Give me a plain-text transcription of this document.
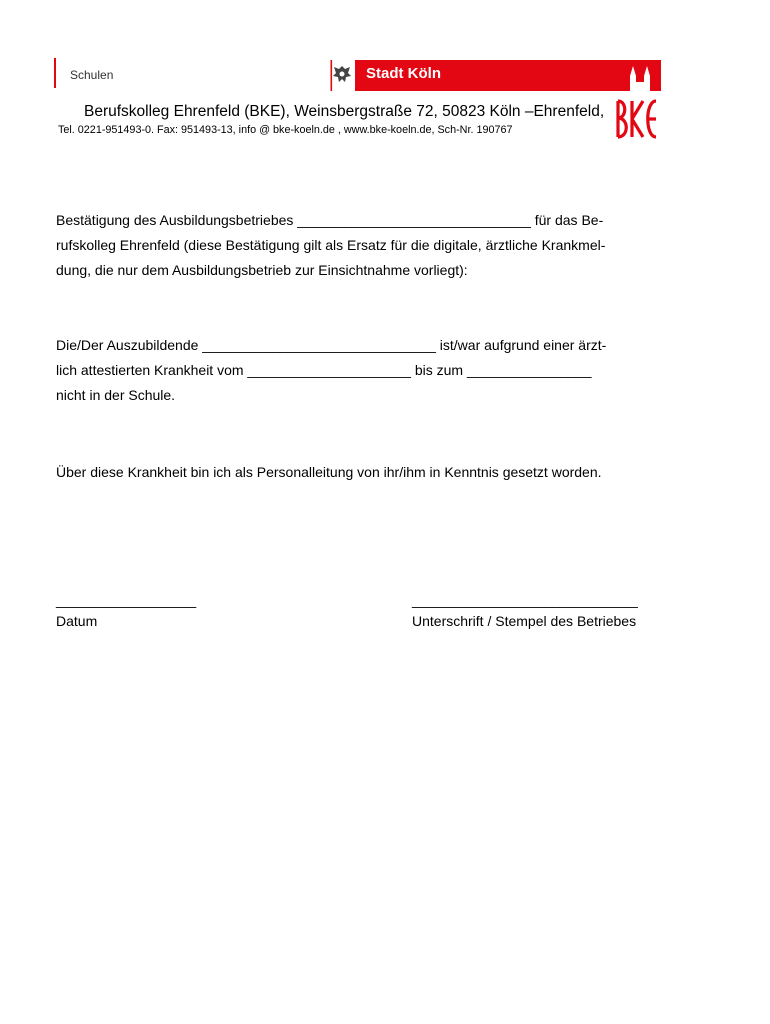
Schulen	Stadt Köln
Berufskolleg Ehrenfeld (BKE), Weinsbergstraße 72, 50823 Köln –Ehrenfeld,
Tel. 0221-951493-0. Fax: 951493-13, info @ bke-koeln.de , www.bke-koeln.de, Sch-Nr. 190767
Bestätigung des Ausbildungsbetriebes ______________________________ für das Be-
rufskolleg Ehrenfeld (diese Bestätigung gilt als Ersatz für die digitale, ärztliche Krankmel-
dung, die nur dem Ausbildungsbetrieb zur Einsichtnahme vorliegt):
Die/Der Auszubildende ______________________________ ist/war aufgrund einer ärzt-
lich attestierten Krankheit vom _____________________ bis zum ________________
nicht in der Schule.
Über diese Krankheit bin ich als Personalleitung von ihr/ihm in Kenntnis gesetzt worden.
__________________	_____________________________
Datum	Unterschrift / Stempel des Betriebes
